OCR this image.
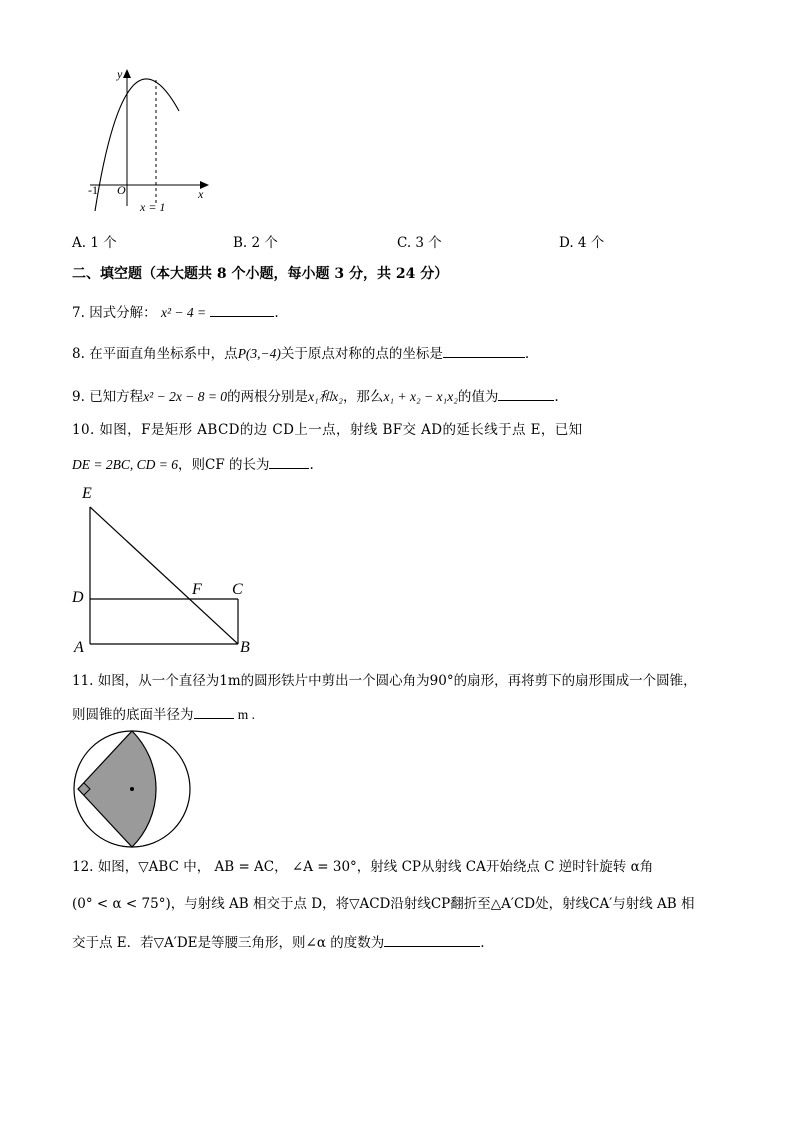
y
x
-1 O
x = 1
A. 1 个	B. 2 个	C. 3 个	D. 4 个
二、填空题（本大题共 8 个小题，每小题 3 分，共 24 分）
7. 因式分解： x² − 4 =	.
8. 在平面直角坐标系中，点P(3,−4)关于原点对称的点的坐标是	.
9. 已知方程x² − 2x − 8 = 0的两根分别是x₁和x₂，那么x₁ + x₂ − x₁x₂的值为	.
10. 如图，F是矩形 ABCD的边 CD上一点，射线 BF交 AD的延长线于点 E，已知
DE = 2BC, CD = 6，则CF 的长为	.
E
D	F C
A	B
11. 如图，从一个直径为1m的圆形铁片中剪出一个圆心角为90°的扇形，再将剪下的扇形围成一个圆锥，
则圆锥的底面半径为	m .
12. 如图，▽ABC 中， AB = AC， ∠A = 30°，射线 CP从射线 CA开始绕点 C 逆时针旋转 α角
(0° < α < 75°)，与射线 AB 相交于点 D，将▽ACD沿射线CP翻折至△A′CD处，射线CA′与射线 AB 相
交于点 E．若▽A′DE是等腰三角形，则∠α 的度数为	.
